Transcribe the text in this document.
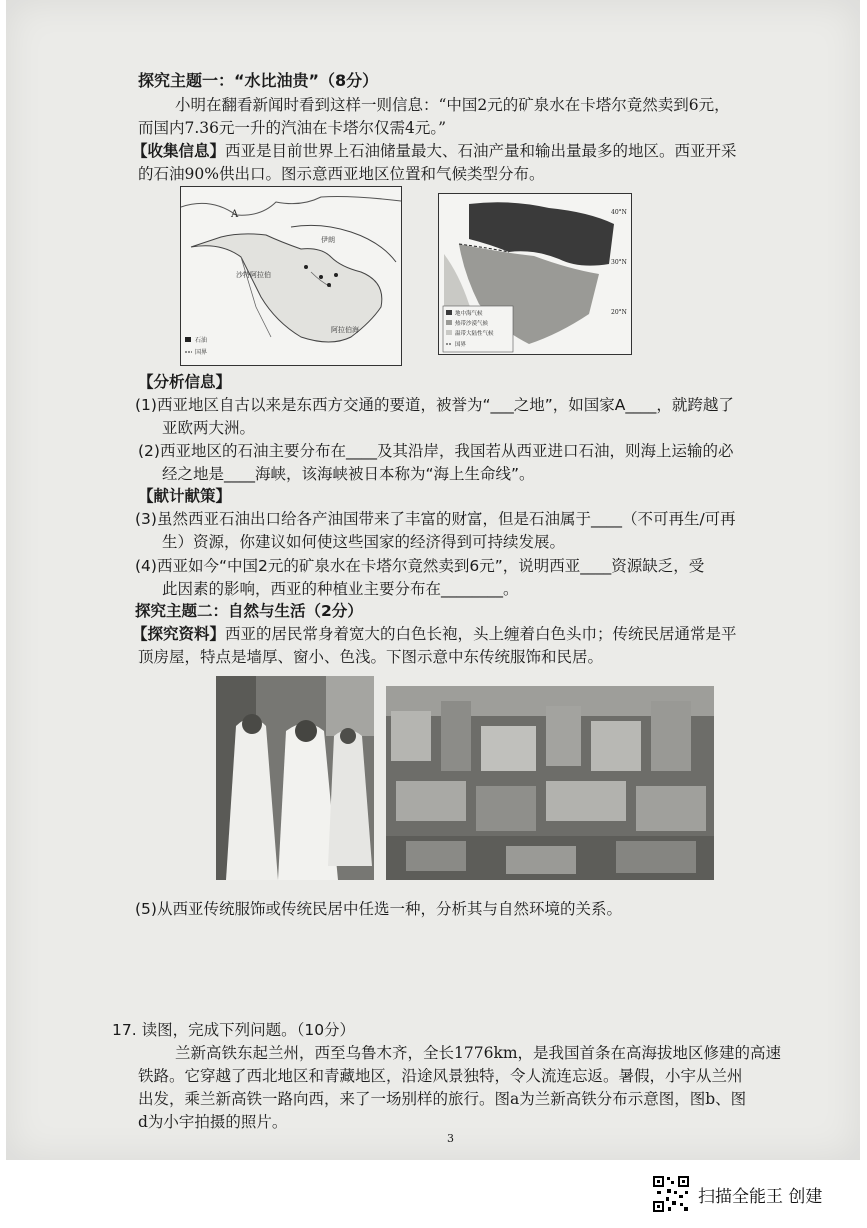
探究主题一：“水比油贵”（8分）
小明在翻看新闻时看到这样一则信息：“中国2元的矿泉水在卡塔尔竟然卖到6元，
而国内7.36元一升的汽油在卡塔尔仅需4元。”
【收集信息】西亚是目前世界上石油储量最大、石油产量和输出量最多的地区。西亚开采
的石油90%供出口。图示意西亚地区位置和气候类型分布。
A
伊朗
沙特阿拉伯
阿拉伯海
石油
国界
40°N
30°N
20°N
地中海气候
热带沙漠气候
温带大陆性气候
国界
【分析信息】
(1)西亚地区自古以来是东西方交通的要道，被誉为“___之地”，如国家A____，就跨越了
亚欧两大洲。
(2)西亚地区的石油主要分布在____及其沿岸，我国若从西亚进口石油，则海上运输的必
经之地是____海峡，该海峡被日本称为“海上生命线”。
【献计献策】
(3)虽然西亚石油出口给各产油国带来了丰富的财富，但是石油属于____（不可再生/可再
生）资源，你建议如何使这些国家的经济得到可持续发展。
(4)西亚如今“中国2元的矿泉水在卡塔尔竟然卖到6元”，说明西亚____资源缺乏，受
此因素的影响，西亚的种植业主要分布在________。
探究主题二：自然与生活（2分）
【探究资料】西亚的居民常身着宽大的白色长袍，头上缠着白色头巾；传统民居通常是平
顶房屋，特点是墙厚、窗小、色浅。下图示意中东传统服饰和民居。
(5)从西亚传统服饰或传统民居中任选一种，分析其与自然环境的关系。
17. 读图，完成下列问题。（10分）
兰新高铁东起兰州，西至乌鲁木齐，全长1776km，是我国首条在高海拔地区修建的高速
铁路。它穿越了西北地区和青藏地区，沿途风景独特，令人流连忘返。暑假，小宇从兰州
出发，乘兰新高铁一路向西，来了一场别样的旅行。图a为兰新高铁分布示意图，图b、图
d为小宇拍摄的照片。
3
扫描全能王 创建
